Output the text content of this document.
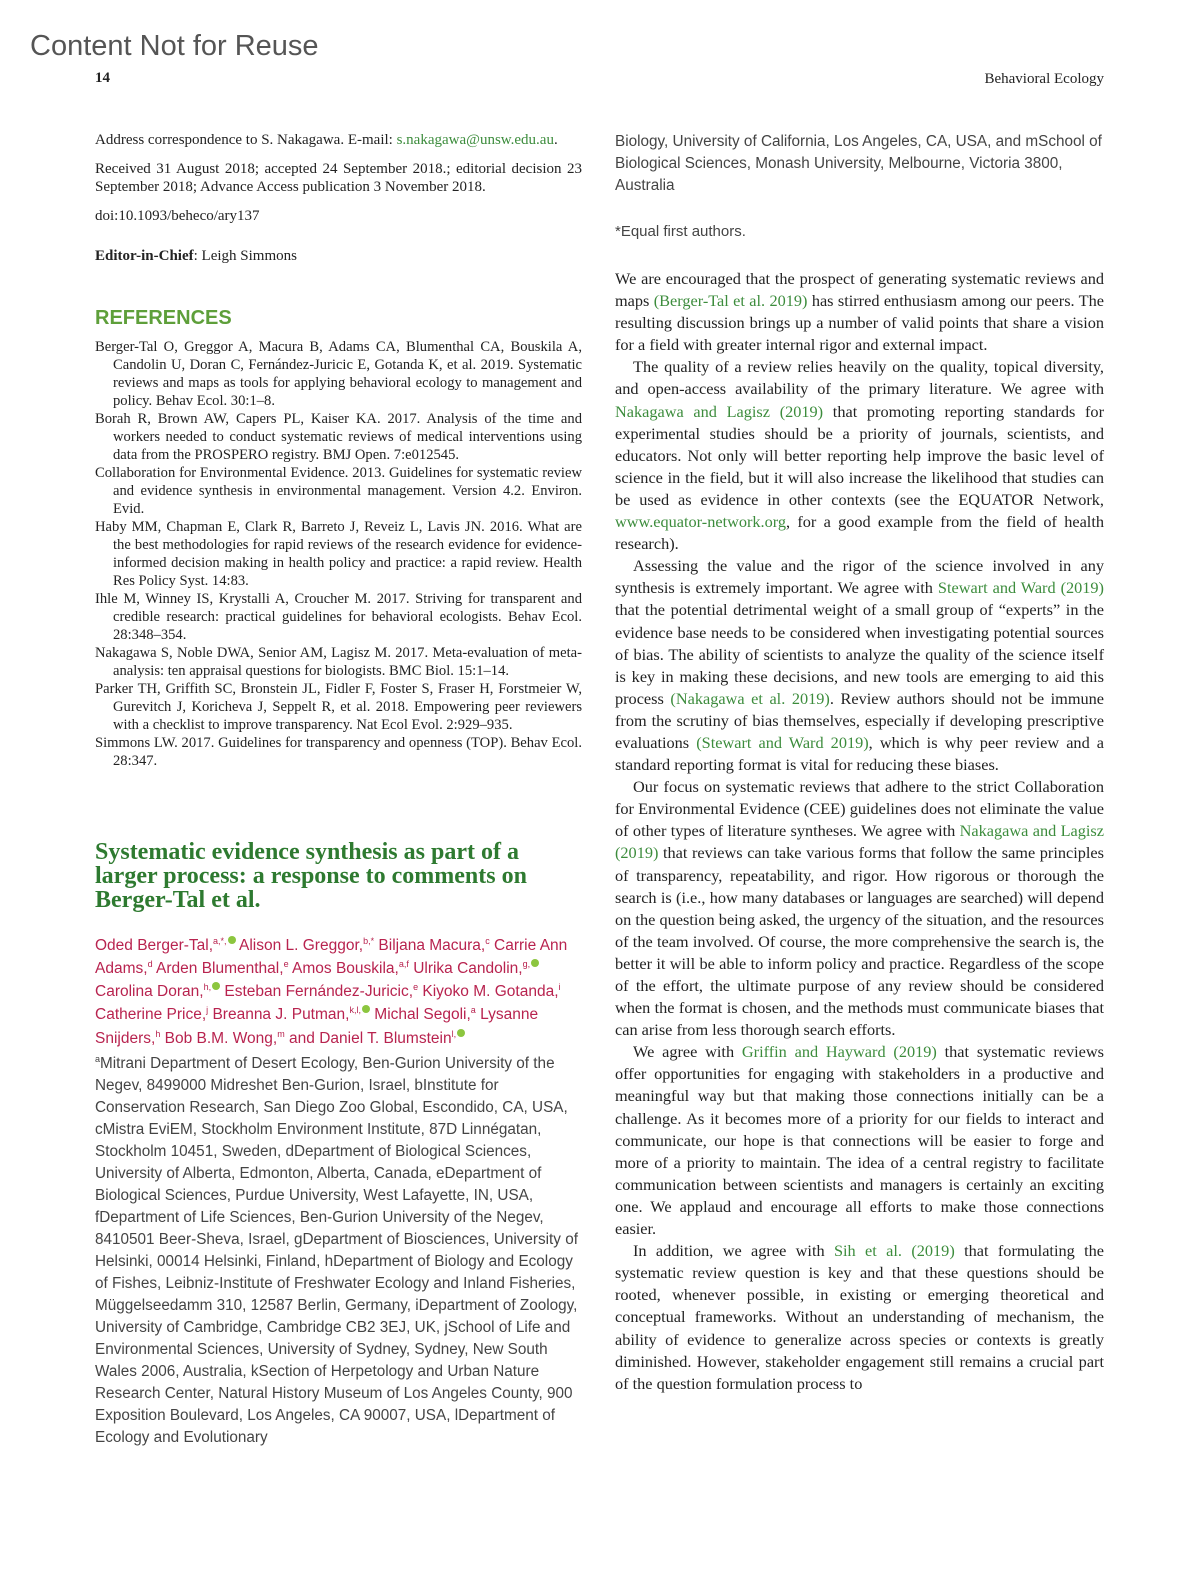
Content Not for Reuse
14	Behavioral Ecology

Address correspondence to S. Nakagawa. E-mail: s.nakagawa@unsw.edu.au.

Received 31 August 2018; accepted 24 September 2018.; editorial decision 23 September 2018; Advance Access publication 3 November 2018.

doi:10.1093/beheco/ary137

Editor-in-Chief: Leigh Simmons

REFERENCES

Berger-Tal O, Greggor A, Macura B, Adams CA, Blumenthal CA, Bouskila A, Candolin U, Doran C, Fernández-Juricic E, Gotanda K, et al. 2019. Systematic reviews and maps as tools for applying behavioral ecology to management and policy. Behav Ecol. 30:1–8.

Borah R, Brown AW, Capers PL, Kaiser KA. 2017. Analysis of the time and workers needed to conduct systematic reviews of medical interventions using data from the PROSPERO registry. BMJ Open. 7:e012545.

Collaboration for Environmental Evidence. 2013. Guidelines for systematic review and evidence synthesis in environmental management. Version 4.2. Environ. Evid.

Haby MM, Chapman E, Clark R, Barreto J, Reveiz L, Lavis JN. 2016. What are the best methodologies for rapid reviews of the research evidence for evidence-informed decision making in health policy and practice: a rapid review. Health Res Policy Syst. 14:83.

Ihle M, Winney IS, Krystalli A, Croucher M. 2017. Striving for transparent and credible research: practical guidelines for behavioral ecologists. Behav Ecol. 28:348–354.

Nakagawa S, Noble DWA, Senior AM, Lagisz M. 2017. Meta-evaluation of meta-analysis: ten appraisal questions for biologists. BMC Biol. 15:1–14.

Parker TH, Griffith SC, Bronstein JL, Fidler F, Foster S, Fraser H, Forstmeier W, Gurevitch J, Koricheva J, Seppelt R, et al. 2018. Empowering peer reviewers with a checklist to improve transparency. Nat Ecol Evol. 2:929–935.

Simmons LW. 2017. Guidelines for transparency and openness (TOP). Behav Ecol. 28:347.

Systematic evidence synthesis as part of a larger process: a response to comments on Berger-Tal et al.
Oded Berger-Tal,$^{a,*,}$ Alison L. Greggor,$^{b,*}$ Biljana Macura,$^c$ Carrie Ann Adams,$^d$ Arden Blumenthal,$^e$ Amos Bouskila,$^{a,f}$ Ulrika Candolin,$^{g,}$ Carolina Doran,$^{h,}$ Esteban Fernández-Juricic,$^e$ Kiyoko M. Gotanda,$^i$ Catherine Price,$^j$ Breanna J. Putman,$^{k,l,}$ Michal Segoli,$^a$ Lysanne Snijders,$^h$ Bob B.M. Wong,$^m$ and Daniel T. Blumstein$^{l,}$
$^a$Mitrani Department of Desert Ecology, Ben-Gurion University of the Negev, 8499000 Midreshet Ben-Gurion, Israel, bInstitute for Conservation Research, San Diego Zoo Global, Escondido, CA, USA, cMistra EviEM, Stockholm Environment Institute, 87D Linnégatan, Stockholm 10451, Sweden, dDepartment of Biological Sciences, University of Alberta, Edmonton, Alberta, Canada, eDepartment of Biological Sciences, Purdue University, West Lafayette, IN, USA, fDepartment of Life Sciences, Ben-Gurion University of the Negev, 8410501 Beer-Sheva, Israel, gDepartment of Biosciences, University of Helsinki, 00014 Helsinki, Finland, hDepartment of Biology and Ecology of Fishes, Leibniz-Institute of Freshwater Ecology and Inland Fisheries, Müggelseedamm 310, 12587 Berlin, Germany, iDepartment of Zoology, University of Cambridge, Cambridge CB2 3EJ, UK, jSchool of Life and Environmental Sciences, University of Sydney, Sydney, New South Wales 2006, Australia, kSection of Herpetology and Urban Nature Research Center, Natural History Museum of Los Angeles County, 900 Exposition Boulevard, Los Angeles, CA 90007, USA, lDepartment of Ecology and Evolutionary
Biology, University of California, Los Angeles, CA, USA, and mSchool of Biological Sciences, Monash University, Melbourne, Victoria 3800, Australia
*Equal first authors.

We are encouraged that the prospect of generating systematic reviews and maps (Berger-Tal et al. 2019) has stirred enthusiasm among our peers. The resulting discussion brings up a number of valid points that share a vision for a field with greater internal rigor and external impact.

The quality of a review relies heavily on the quality, topical diversity, and open-access availability of the primary literature. We agree with Nakagawa and Lagisz (2019) that promoting reporting standards for experimental studies should be a priority of journals, scientists, and educators. Not only will better reporting help improve the basic level of science in the field, but it will also increase the likelihood that studies can be used as evidence in other contexts (see the EQUATOR Network, www.equator-network.org, for a good example from the field of health research).

Assessing the value and the rigor of the science involved in any synthesis is extremely important. We agree with Stewart and Ward (2019) that the potential detrimental weight of a small group of “experts” in the evidence base needs to be considered when investigating potential sources of bias. The ability of scientists to analyze the quality of the science itself is key in making these decisions, and new tools are emerging to aid this process (Nakagawa et al. 2019). Review authors should not be immune from the scrutiny of bias themselves, especially if developing prescriptive evaluations (Stewart and Ward 2019), which is why peer review and a standard reporting format is vital for reducing these biases.

Our focus on systematic reviews that adhere to the strict Collaboration for Environmental Evidence (CEE) guidelines does not eliminate the value of other types of literature syntheses. We agree with Nakagawa and Lagisz (2019) that reviews can take various forms that follow the same principles of transparency, repeatability, and rigor. How rigorous or thorough the search is (i.e., how many databases or languages are searched) will depend on the question being asked, the urgency of the situation, and the resources of the team involved. Of course, the more comprehensive the search is, the better it will be able to inform policy and practice. Regardless of the scope of the effort, the ultimate purpose of any review should be considered when the format is chosen, and the methods must communicate biases that can arise from less thorough search efforts.

We agree with Griffin and Hayward (2019) that systematic reviews offer opportunities for engaging with stakeholders in a productive and meaningful way but that making those connections initially can be a challenge. As it becomes more of a priority for our fields to interact and communicate, our hope is that connections will be easier to forge and more of a priority to maintain. The idea of a central registry to facilitate communication between scientists and managers is certainly an exciting one. We applaud and encourage all efforts to make those connections easier.

In addition, we agree with Sih et al. (2019) that formulating the systematic review question is key and that these questions should be rooted, whenever possible, in existing or emerging theoretical and conceptual frameworks. Without an understanding of mechanism, the ability of evidence to generalize across species or contexts is greatly diminished. However, stakeholder engagement still remains a crucial part of the question formulation process to
